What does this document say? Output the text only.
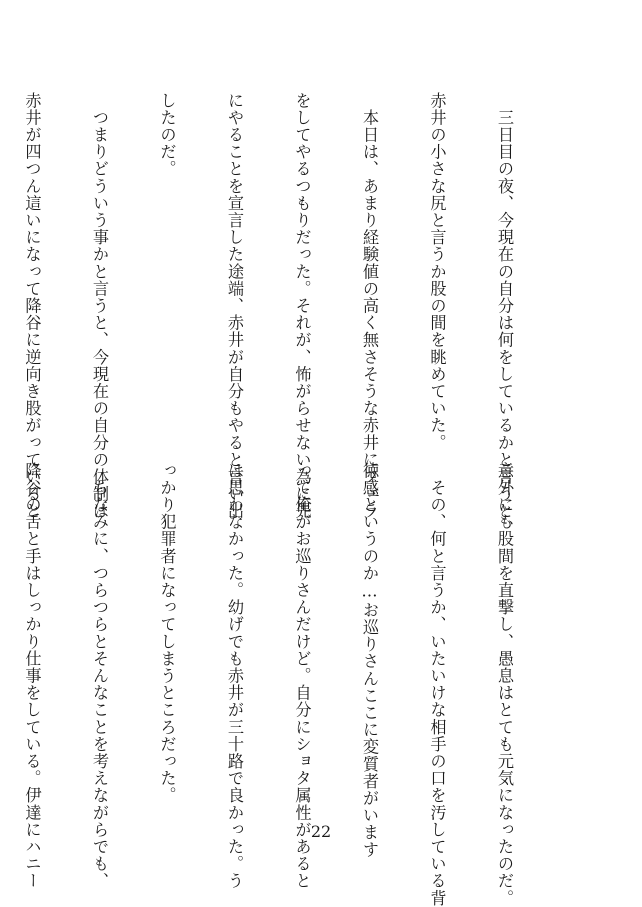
　三日目の夜、今現在の自分は何をしているかと言うと、

赤井の小さな尻と言うか股の間を眺めていた。

　本日は、あまり経験値の高く無さそうな赤井にフェラ

をしてやるつもりだった。それが、怖がらせない為に先

にやることを宣言した途端、赤井が自分もやると言い出

したのだ。

　つまりどういう事かと言うと、今現在の自分の体制は

赤井が四つん這いになって降谷に逆向き股がっていると

意外にも股間を直撃し、愚息はとても元気になったのだ。

　その、何と言うか、いたいけな相手の口を汚している背

徳感というのか…お巡りさんここに変質者がいます

って俺がお巡りさんだけど。自分にショタ属性があると

は思わなかった。幼げでも赤井が三十路で良かった。う

っかり犯罪者になってしまうところだった。

　ちなみに、つらつらとそんなことを考えながらでも、

降谷の舌と手はしっかり仕事をしている。伊達にハニー

	22
